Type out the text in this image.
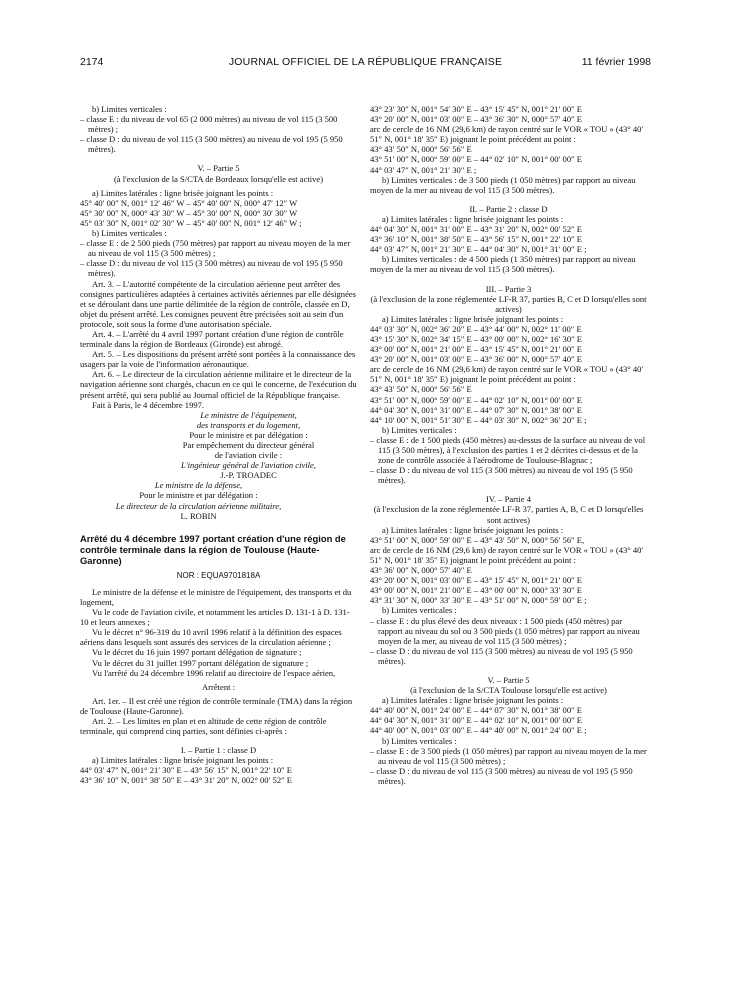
2174	JOURNAL OFFICIEL DE LA RÉPUBLIQUE FRANÇAISE	11 février 1998

b) Limites verticales :

– classe E : du niveau de vol 65 (2 000 mètres) au niveau de vol 115 (3 500 mètres) ;

– classe D : du niveau de vol 115 (3 500 mètres) au niveau de vol 195 (5 950 mètres).

V. – Partie 5

(à l'exclusion de la S/CTA de Bordeaux lorsqu'elle est active)

a) Limites latérales : ligne brisée joignant les points :

45° 40′ 00″ N, 001° 12′ 46″ W – 45° 40′ 00″ N, 000° 47′ 12″ W

45° 30′ 00″ N, 000° 43′ 30″ W – 45° 30′ 00″ N, 000° 30′ 30″ W

45° 03′ 30″ N, 001° 02′ 30″ W – 45° 40′ 00″ N, 001° 12′ 46″ W ;

b) Limites verticales :

– classe E : de 2 500 pieds (750 mètres) par rapport au niveau moyen de la mer au niveau de vol 115 (3 500 mètres) ;

– classe D : du niveau de vol 115 (3 500 mètres) au niveau de vol 195 (5 950 mètres).

Art. 3. – L'autorité compétente de la circulation aérienne peut arrêter des consignes particulières adaptées à certaines activités aériennes par elle désignées et se déroulant dans une partie délimitée de la région de contrôle, classée en D, objet du présent arrêté. Les consignes peuvent être précisées soit au sein d'un protocole, soit sous la forme d'une autorisation spéciale.

Art. 4. – L'arrêté du 4 avril 1997 portant création d'une région de contrôle terminale dans la région de Bordeaux (Gironde) est abrogé.

Art. 5. – Les dispositions du présent arrêté sont portées à la connaissance des usagers par la voie de l'information aéronautique.

Art. 6. – Le directeur de la circulation aérienne militaire et le directeur de la navigation aérienne sont chargés, chacun en ce qui le concerne, de l'exécution du présent arrêté, qui sera publié au Journal officiel de la République française.

Fait à Paris, le 4 décembre 1997.

Le ministre de l'équipement,

des transports et du logement,

Pour le ministre et par délégation :

Par empêchement du directeur général

de l'aviation civile :

L'ingénieur général de l'aviation civile,

J.-P. TROADEC

Le ministre de la défense,

Pour le ministre et par délégation :

Le directeur de la circulation aérienne militaire,

L. ROBIN

Arrêté du 4 décembre 1997 portant création d'une région de contrôle terminale dans la région de Toulouse (Haute-Garonne)

NOR : EQUA9701818A

Le ministre de la défense et le ministre de l'équipement, des transports et du logement,

Vu le code de l'aviation civile, et notamment les articles D. 131-1 à D. 131-10 et leurs annexes ;

Vu le décret n° 96-319 du 10 avril 1996 relatif à la définition des espaces aériens dans lesquels sont assurés des services de la circulation aérienne ;

Vu le décret du 16 juin 1997 portant délégation de signature ;

Vu le décret du 31 juillet 1997 portant délégation de signature ;

Vu l'arrêté du 24 décembre 1996 relatif au directoire de l'espace aérien,

Arrêtent :

Art. 1er. – Il est créé une région de contrôle terminale (TMA) dans la région de Toulouse (Haute-Garonne).

Art. 2. – Les limites en plan et en altitude de cette région de contrôle terminale, qui comprend cinq parties, sont définies ci-après :

I. – Partie 1 : classe D

a) Limites latérales : ligne brisée joignant les points :

44° 03′ 47″ N, 001° 21′ 30″ E – 43° 56′ 15″ N, 001° 22′ 10″ E

43° 36′ 10″ N, 001° 38′ 50″ E – 43° 31′ 20″ N, 002° 00′ 52″ E

43° 23′ 30″ N, 001° 54′ 30″ E – 43° 15′ 45″ N, 001° 21′ 00″ E

43° 20′ 00″ N, 001° 03′ 00″ E – 43° 36′ 30″ N, 000° 57′ 40″ E

arc de cercle de 16 NM (29,6 km) de rayon centré sur le VOR « TOU » (43° 40′ 51″ N, 001° 18′ 35″ E) joignant le point précédent au point :

43° 43′ 50″ N, 000° 56′ 56″ E

43° 51′ 00″ N, 000° 59′ 00″ E – 44° 02′ 10″ N, 001° 00′ 00″ E

44° 03′ 47″ N, 001° 21′ 30″ E ;

b) Limites verticales : de 3 500 pieds (1 050 mètres) par rapport au niveau moyen de la mer au niveau de vol 115 (3 500 mètres).

II. – Partie 2 : classe D

a) Limites latérales : ligne brisée joignant les points :

44° 04′ 30″ N, 001° 31′ 00″ E – 43° 31′ 20″ N, 002° 00′ 52″ E

43° 36′ 10″ N, 001° 38′ 50″ E – 43° 56′ 15″ N, 001° 22′ 10″ E

44° 03′ 47″ N, 001° 21′ 30″ E – 44° 04′ 30″ N, 001° 31′ 00″ E ;

b) Limites verticales : de 4 500 pieds (1 350 mètres) par rapport au niveau moyen de la mer au niveau de vol 115 (3 500 mètres).

III. – Partie 3

(à l'exclusion de la zone réglementée LF-R 37, parties B, C et D lorsqu'elles sont actives)

a) Limites latérales : ligne brisée joignant les points :

44° 03′ 30″ N, 002° 36′ 20″ E – 43° 44′ 00″ N, 002° 11′ 00″ E

43° 15′ 30″ N, 002° 34′ 15″ E – 43° 00′ 00″ N, 002° 16′ 30″ E

43° 00′ 00″ N, 001° 21′ 00″ E – 43° 15′ 45″ N, 001° 21′ 00″ E

43° 20′ 00″ N, 001° 03′ 00″ E – 43° 36′ 00″ N, 000° 57′ 40″ E

arc de cercle de 16 NM (29,6 km) de rayon centré sur le VOR « TOU » (43° 40′ 51″ N, 001° 18′ 35″ E) joignant le point précédent au point :

43° 43′ 50″ N, 000° 56′ 56″ E

43° 51′ 00″ N, 000° 59′ 00″ E – 44° 02′ 10″ N, 001° 00′ 00″ E

44° 04′ 30″ N, 001° 31′ 00″ E – 44° 07′ 30″ N, 001° 38′ 00″ E

44° 10′ 00″ N, 001° 51′ 30″ E – 44° 03′ 30″ N, 002° 36′ 20″ E ;

b) Limites verticales :

– classe E : de 1 500 pieds (450 mètres) au-dessus de la surface au niveau de vol 115 (3 500 mètres), à l'exclusion des parties 1 et 2 décrites ci-dessus et de la zone de contrôle associée à l'aérodrome de Toulouse-Blagnac ;

– classe D : du niveau de vol 115 (3 500 mètres) au niveau de vol 195 (5 950 mètres).

IV. – Partie 4

(à l'exclusion de la zone réglementée LF-R 37, parties A, B, C et D lorsqu'elles sont actives)

a) Limites latérales : ligne brisée joignant les points :

43° 51′ 00″ N, 000° 59′ 00″ E – 43° 43′ 50″ N, 000° 56′ 56″ E,

arc de cercle de 16 NM (29,6 km) de rayon centré sur le VOR « TOU » (43° 40′ 51″ N, 001° 18′ 35″ E) joignant le point précédent au point :

43° 36′ 00″ N, 000° 57′ 40″ E

43° 20′ 00″ N, 001° 03′ 00″ E – 43° 15′ 45″ N, 001° 21′ 00″ E

43° 00′ 00″ N, 001° 21′ 00″ E – 43° 00′ 00″ N, 000° 33′ 30″ E

43° 31′ 30″ N, 000° 33′ 30″ E – 43° 51′ 00″ N, 000° 59′ 00″ E ;

b) Limites verticales :

– classe E : du plus élevé des deux niveaux : 1 500 pieds (450 mètres) par rapport au niveau du sol ou 3 500 pieds (1 050 mètres) par rapport au niveau moyen de la mer, au niveau de vol 115 (3 500 mètres) ;

– classe D : du niveau de vol 115 (3 500 mètres) au niveau de vol 195 (5 950 mètres).

V. – Partie 5

(à l'exclusion de la S/CTA Toulouse lorsqu'elle est active)

a) Limites latérales : ligne brisée joignant les points :

44° 40′ 00″ N, 001° 24′ 00″ E – 44° 07′ 30″ N, 001° 38′ 00″ E

44° 04′ 30″ N, 001° 31′ 00″ E – 44° 02′ 10″ N, 001° 00′ 00″ E

44° 40′ 00″ N, 001° 03′ 00″ E – 44° 40′ 00″ N, 001° 24′ 00″ E ;

b) Limites verticales :

– classe E : de 3 500 pieds (1 050 mètres) par rapport au niveau moyen de la mer au niveau de vol 115 (3 500 mètres) ;

– classe D : du niveau de vol 115 (3 500 mètres) au niveau de vol 195 (5 950 mètres).
